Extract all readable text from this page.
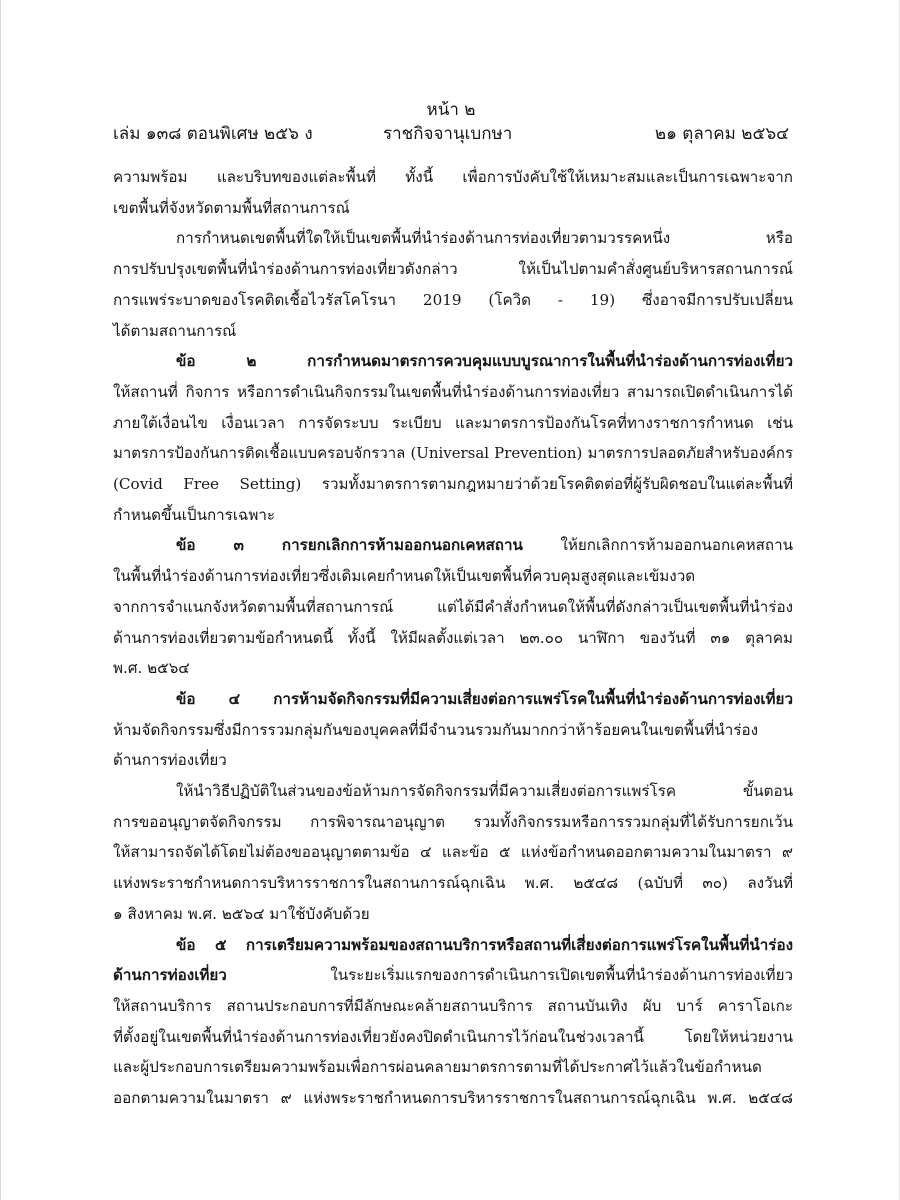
หน้า ๒
เล่ม ๑๓๘ ตอนพิเศษ ๒๕๖ ง	ราชกิจจานุเบกษา	๒๑ ตุลาคม ๒๕๖๔
ความพร้อม และบริบทของแต่ละพื้นที่ ทั้งนี้ เพื่อการบังคับใช้ให้เหมาะสมและเป็นการเฉพาะจาก
เขตพื้นที่จังหวัดตามพื้นที่สถานการณ์
การกำหนดเขตพื้นที่ใดให้เป็นเขตพื้นที่นำร่องด้านการท่องเที่ยวตามวรรคหนึ่ง หรือ
การปรับปรุงเขตพื้นที่นำร่องด้านการท่องเที่ยวดังกล่าว ให้เป็นไปตามคำสั่งศูนย์บริหารสถานการณ์
การแพร่ระบาดของโรคติดเชื้อไวรัสโคโรนา 2019 (โควิด - 19) ซึ่งอาจมีการปรับเปลี่ยน
ได้ตามสถานการณ์
ข้อ ๒ การกำหนดมาตรการควบคุมแบบบูรณาการในพื้นที่นำร่องด้านการท่องเที่ยว
ให้สถานที่ กิจการ หรือการดำเนินกิจกรรมในเขตพื้นที่นำร่องด้านการท่องเที่ยว สามารถเปิดดำเนินการได้
ภายใต้เงื่อนไข เงื่อนเวลา การจัดระบบ ระเบียบ และมาตรการป้องกันโรคที่ทางราชการกำหนด เช่น
มาตรการป้องกันการติดเชื้อแบบครอบจักรวาล (Universal Prevention) มาตรการปลอดภัยสำหรับองค์กร
(Covid Free Setting) รวมทั้งมาตรการตามกฎหมายว่าด้วยโรคติดต่อที่ผู้รับผิดชอบในแต่ละพื้นที่
กำหนดขึ้นเป็นการเฉพาะ
ข้อ ๓ การยกเลิกการห้ามออกนอกเคหสถาน ให้ยกเลิกการห้ามออกนอกเคหสถาน
ในพื้นที่นำร่องด้านการท่องเที่ยวซึ่งเดิมเคยกำหนดให้เป็นเขตพื้นที่ควบคุมสูงสุดและเข้มงวด
จากการจำแนกจังหวัดตามพื้นที่สถานการณ์ แต่ได้มีคำสั่งกำหนดให้พื้นที่ดังกล่าวเป็นเขตพื้นที่นำร่อง
ด้านการท่องเที่ยวตามข้อกำหนดนี้ ทั้งนี้ ให้มีผลตั้งแต่เวลา ๒๓.๐๐ นาฬิกา ของวันที่ ๓๑ ตุลาคม
พ.ศ. ๒๕๖๔
ข้อ ๔ การห้ามจัดกิจกรรมที่มีความเสี่ยงต่อการแพร่โรคในพื้นที่นำร่องด้านการท่องเที่ยว
ห้ามจัดกิจกรรมซึ่งมีการรวมกลุ่มกันของบุคคลที่มีจำนวนรวมกันมากกว่าห้าร้อยคนในเขตพื้นที่นำร่อง
ด้านการท่องเที่ยว
ให้นำวิธีปฏิบัติในส่วนของข้อห้ามการจัดกิจกรรมที่มีความเสี่ยงต่อการแพร่โรค ขั้นตอน
การขออนุญาตจัดกิจกรรม การพิจารณาอนุญาต รวมทั้งกิจกรรมหรือการรวมกลุ่มที่ได้รับการยกเว้น
ให้สามารถจัดได้โดยไม่ต้องขออนุญาตตามข้อ ๔ และข้อ ๕ แห่งข้อกำหนดออกตามความในมาตรา ๙
แห่งพระราชกำหนดการบริหารราชการในสถานการณ์ฉุกเฉิน พ.ศ. ๒๕๔๘ (ฉบับที่ ๓๐) ลงวันที่
๑ สิงหาคม พ.ศ. ๒๕๖๔ มาใช้บังคับด้วย
ข้อ ๕ การเตรียมความพร้อมของสถานบริการหรือสถานที่เสี่ยงต่อการแพร่โรคในพื้นที่นำร่อง
ด้านการท่องเที่ยว ในระยะเริ่มแรกของการดำเนินการเปิดเขตพื้นที่นำร่องด้านการท่องเที่ยว
ให้สถานบริการ สถานประกอบการที่มีลักษณะคล้ายสถานบริการ สถานบันเทิง ผับ บาร์ คาราโอเกะ
ที่ตั้งอยู่ในเขตพื้นที่นำร่องด้านการท่องเที่ยวยังคงปิดดำเนินการไว้ก่อนในช่วงเวลานี้ โดยให้หน่วยงาน
และผู้ประกอบการเตรียมความพร้อมเพื่อการผ่อนคลายมาตรการตามที่ได้ประกาศไว้แล้วในข้อกำหนด
ออกตามความในมาตรา ๙ แห่งพระราชกำหนดการบริหารราชการในสถานการณ์ฉุกเฉิน พ.ศ. ๒๕๔๘
